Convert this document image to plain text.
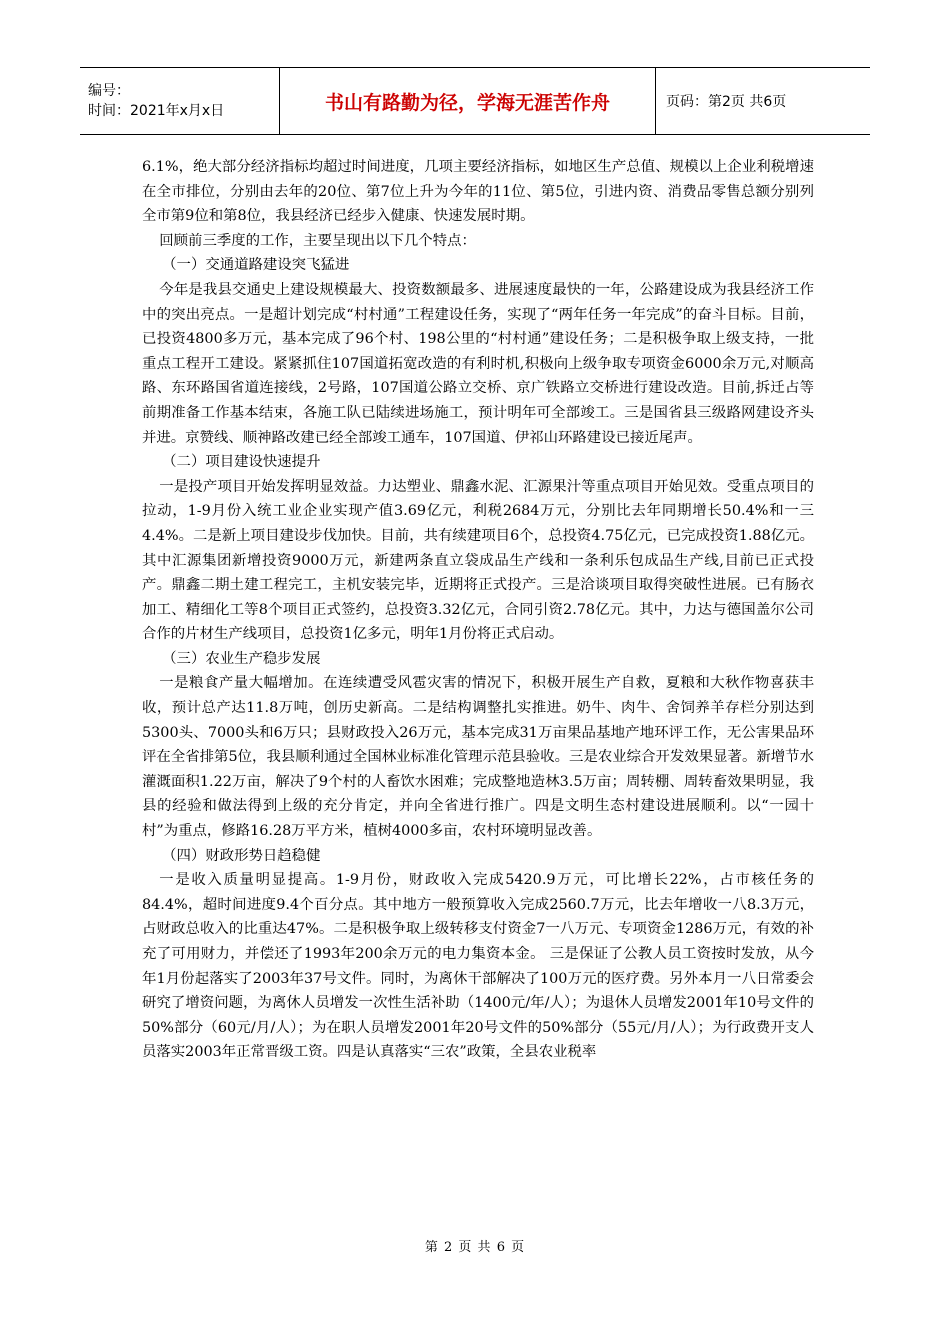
编号：
时间：2021年x月x日	书山有路勤为径，学海无涯苦作舟	页码：第2页 共6页

6.1%，绝大部分经济指标均超过时间进度，几项主要经济指标，如地区生产总值、规模以上企业利税增速在全市排位，分别由去年的20位、第7位上升为今年的11位、第5位，引进内资、消费品零售总额分别列全市第9位和第8位，我县经济已经步入健康、快速发展时期。

回顾前三季度的工作，主要呈现出以下几个特点：

（一）交通道路建设突飞猛进

今年是我县交通史上建设规模最大、投资数额最多、进展速度最快的一年，公路建设成为我县经济工作中的突出亮点。一是超计划完成“村村通”工程建设任务，实现了“两年任务一年完成”的奋斗目标。目前，已投资4800多万元，基本完成了96个村、198公里的“村村通”建设任务；二是积极争取上级支持，一批重点工程开工建设。紧紧抓住107国道拓宽改造的有利时机,积极向上级争取专项资金6000余万元,对顺高路、东环路国省道连接线，2号路，107国道公路立交桥、京广铁路立交桥进行建设改造。目前,拆迁占等前期准备工作基本结束，各施工队已陆续进场施工，预计明年可全部竣工。三是国省县三级路网建设齐头并进。京赞线、顺神路改建已经全部竣工通车，107国道、伊祁山环路建设已接近尾声。

（二）项目建设快速提升

一是投产项目开始发挥明显效益。力达塑业、鼎鑫水泥、汇源果汁等重点项目开始见效。受重点项目的拉动，1-9月份入统工业企业实现产值3.69亿元，利税2684万元，分别比去年同期增长50.4%和一三4.4%。二是新上项目建设步伐加快。目前，共有续建项目6个，总投资4.75亿元，已完成投资1.88亿元。其中汇源集团新增投资9000万元，新建两条直立袋成品生产线和一条利乐包成品生产线,目前已正式投产。鼎鑫二期土建工程完工，主机安装完毕，近期将正式投产。三是洽谈项目取得突破性进展。已有肠衣加工、精细化工等8个项目正式签约，总投资3.32亿元，合同引资2.78亿元。其中，力达与德国盖尔公司合作的片材生产线项目，总投资1亿多元，明年1月份将正式启动。

（三）农业生产稳步发展

一是粮食产量大幅增加。在连续遭受风雹灾害的情况下，积极开展生产自救，夏粮和大秋作物喜获丰收，预计总产达11.8万吨，创历史新高。二是结构调整扎实推进。奶牛、肉牛、舍饲养羊存栏分别达到5300头、7000头和6万只；县财政投入26万元，基本完成31万亩果品基地产地环评工作，无公害果品环评在全省排第5位，我县顺利通过全国林业标准化管理示范县验收。三是农业综合开发效果显著。新增节水灌溉面积1.22万亩，解决了9个村的人畜饮水困难；完成整地造林3.5万亩；周转棚、周转畜效果明显，我县的经验和做法得到上级的充分肯定，并向全省进行推广。四是文明生态村建设进展顺利。以“一园十村”为重点，修路16.28万平方米，植树4000多亩，农村环境明显改善。

（四）财政形势日趋稳健

一是收入质量明显提高。1-9月份，财政收入完成5420.9万元，可比增长22%，占市核任务的84.4%，超时间进度9.4个百分点。其中地方一般预算收入完成2560.7万元，比去年增收一八8.3万元，占财政总收入的比重达47%。二是积极争取上级转移支付资金7一八万元、专项资金1286万元，有效的补充了可用财力，并偿还了1993年200余万元的电力集资本金。 三是保证了公教人员工资按时发放，从今年1月份起落实了2003年37号文件。同时，为离休干部解决了100万元的医疗费。另外本月一八日常委会研究了增资问题，为离休人员增发一次性生活补助（1400元/年/人）；为退休人员增发2001年10号文件的50%部分（60元/月/人）；为在职人员增发2001年20号文件的50%部分（55元/月/人）；为行政费开支人员落实2003年正常晋级工资。四是认真落实“三农”政策，全县农业税率

第 2 页 共 6 页
